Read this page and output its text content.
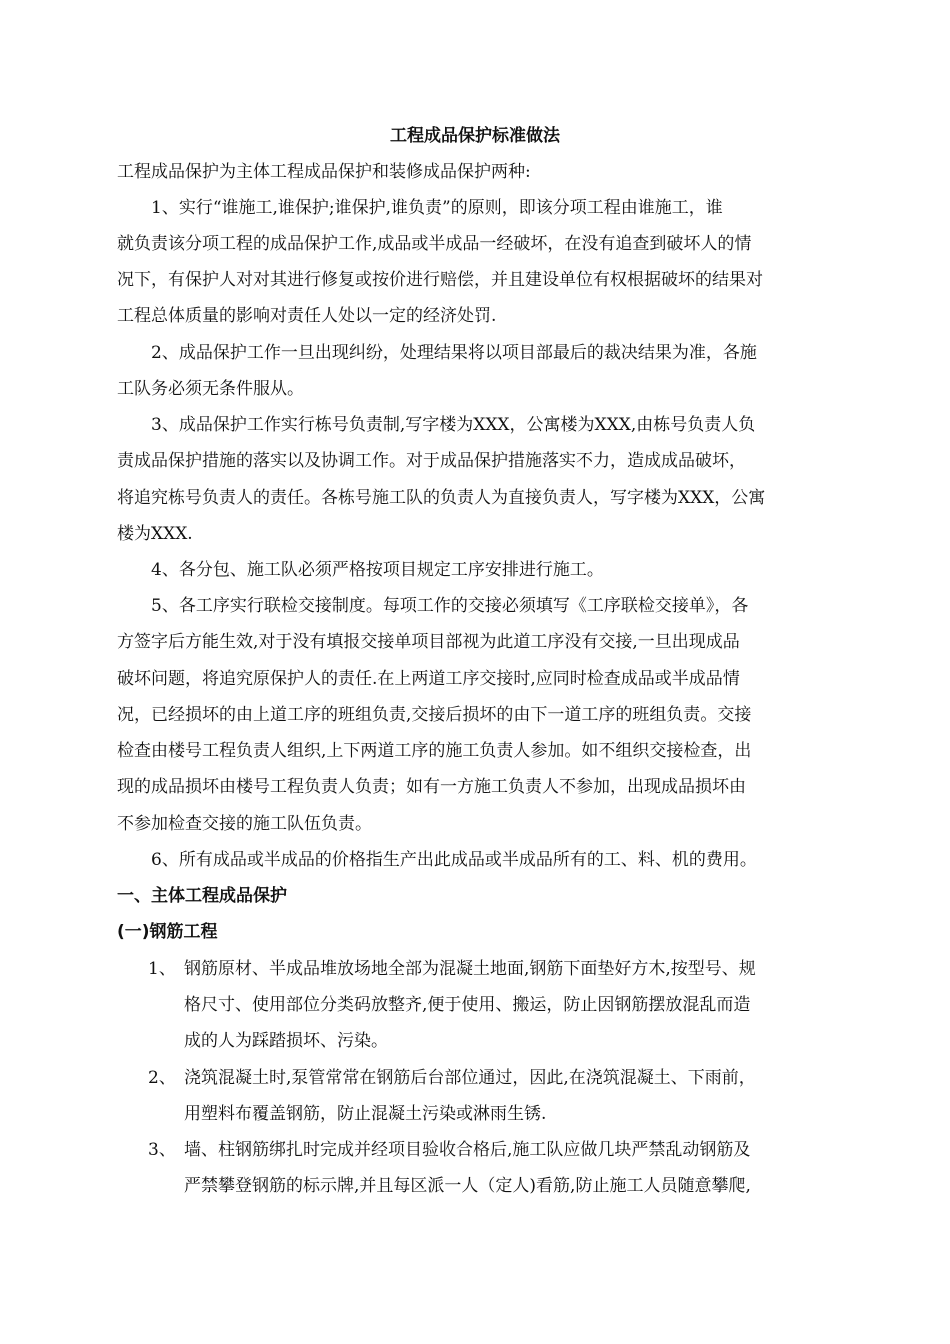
工程成品保护标准做法
工程成品保护为主体工程成品保护和装修成品保护两种:
1、实行“谁施工,谁保护;谁保护,谁负责”的原则，即该分项工程由谁施工，谁
就负责该分项工程的成品保护工作,成品或半成品一经破坏，在没有追查到破坏人的情
况下，有保护人对对其进行修复或按价进行赔偿，并且建设单位有权根据破坏的结果对
工程总体质量的影响对责任人处以一定的经济处罚.
2、成品保护工作一旦出现纠纷，处理结果将以项目部最后的裁决结果为准，各施
工队务必须无条件服从。
3、成品保护工作实行栋号负责制,写字楼为XXX，公寓楼为XXX,由栋号负责人负
责成品保护措施的落实以及协调工作。对于成品保护措施落实不力，造成成品破坏，
将追究栋号负责人的责任。各栋号施工队的负责人为直接负责人，写字楼为XXX，公寓
楼为XXX.
4、各分包、施工队必须严格按项目规定工序安排进行施工。
5、各工序实行联检交接制度。每项工作的交接必须填写《工序联检交接单》，各
方签字后方能生效,对于没有填报交接单项目部视为此道工序没有交接,一旦出现成品
破坏问题，将追究原保护人的责任.在上两道工序交接时,应同时检查成品或半成品情
况，已经损坏的由上道工序的班组负责,交接后损坏的由下一道工序的班组负责。交接
检查由楼号工程负责人组织,上下两道工序的施工负责人参加。如不组织交接检查，出
现的成品损坏由楼号工程负责人负责；如有一方施工负责人不参加，出现成品损坏由
不参加检查交接的施工队伍负责。
6、所有成品或半成品的价格指生产出此成品或半成品所有的工、料、机的费用。
一、主体工程成品保护
(一)钢筋工程
1、 钢筋原材、半成品堆放场地全部为混凝土地面,钢筋下面垫好方木,按型号、规
格尺寸、使用部位分类码放整齐,便于使用、搬运，防止因钢筋摆放混乱而造
成的人为踩踏损坏、污染。
2、 浇筑混凝土时,泵管常常在钢筋后台部位通过，因此,在浇筑混凝土、下雨前，
用塑料布覆盖钢筋，防止混凝土污染或淋雨生锈.
3、 墙、柱钢筋绑扎时完成并经项目验收合格后,施工队应做几块严禁乱动钢筋及
严禁攀登钢筋的标示牌,并且每区派一人（定人)看筋,防止施工人员随意攀爬,
